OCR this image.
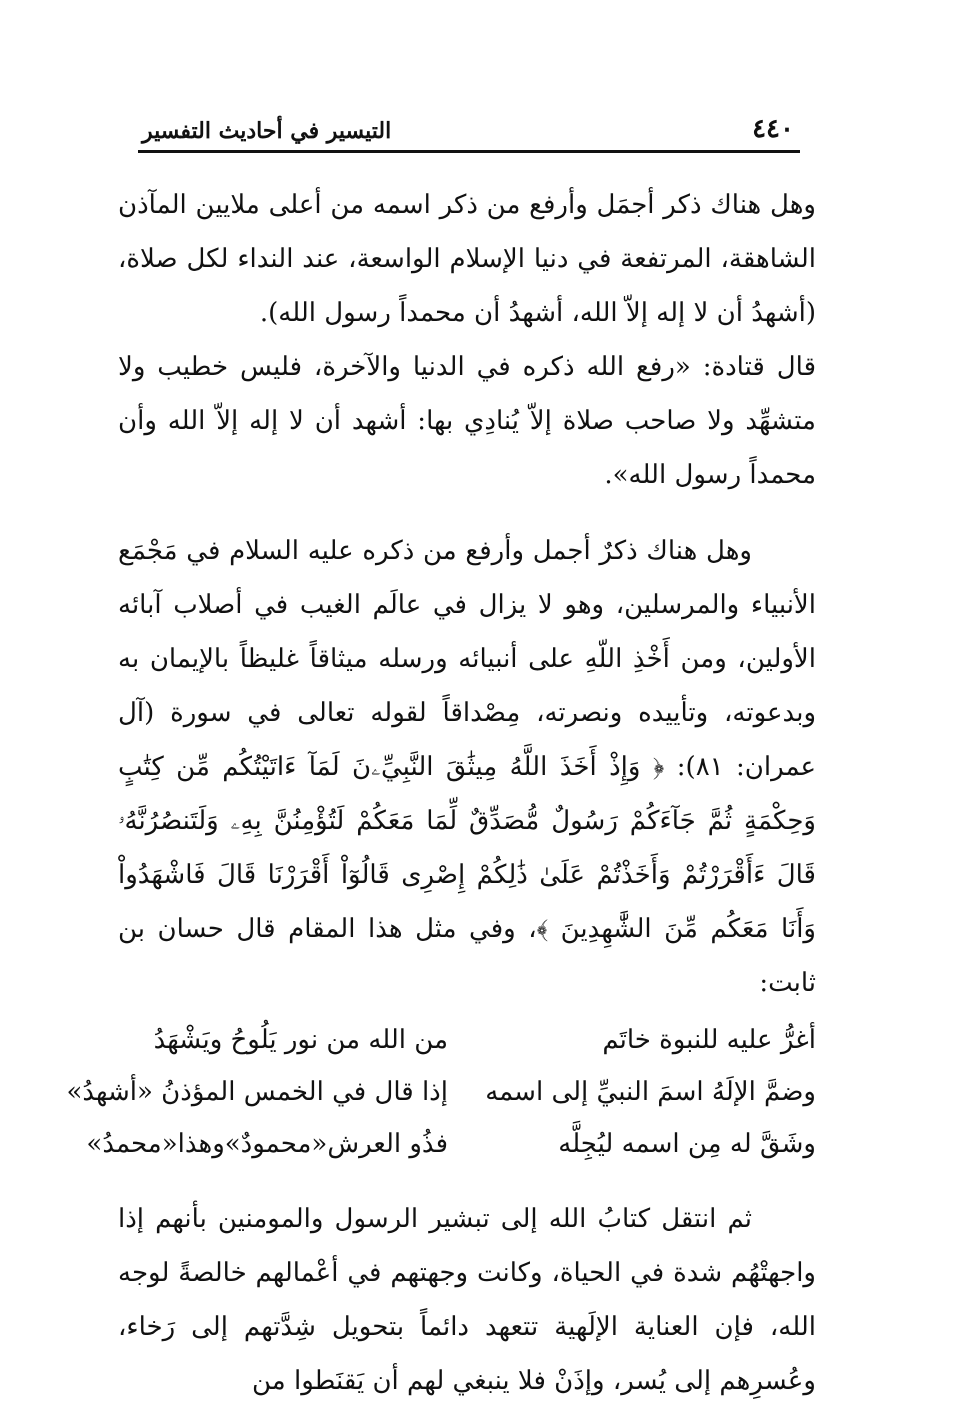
٤٤٠
التيسير في أحاديث التفسير

وهل هناك ذكر أجمَل وأرفع من ذكر اسمه من أعلى ملايين المآذن الشاهقة، المرتفعة في دنيا الإسلام الواسعة، عند النداء لكل صلاة، (أشهدُ أن لا إله إلاّ الله، أشهدُ أن محمداً رسول الله).

قال قتادة: «رفع الله ذكره في الدنيا والآخرة، فليس خطيب ولا متشهِّد ولا صاحب صلاة إلاّ يُنادِي بها: أشهد أن لا إله إلاّ الله وأن محمداً رسول الله».

وهل هناك ذكرٌ أجمل وأرفع من ذكره عليه السلام في مَجْمَع الأنبياء والمرسلين، وهو لا يزال في عالَم الغيب في أصلاب آبائه الأولين، ومن أَخْذِ اللّهِ على أنبيائه ورسله ميثاقاً غليظاً بالإيمان به وبدعوته، وتأييده ونصرته، مِصْداقاً لقوله تعالى في سورة (آل عمران: ٨١): ﴿ وَإِذْ أَخَذَ اللَّهُ مِيثَٰقَ النَّبِيِّۦنَ لَمَآ ءَاتَيْتُكُم مِّن كِتَٰبٍ وَحِكْمَةٍ ثُمَّ جَآءَكُمْ رَسُولٌ مُّصَدِّقٌ لِّمَا مَعَكُمْ لَتُؤْمِنُنَّ بِهِۦ وَلَتَنصُرُنَّهُۥ قَالَ ءَأَقْرَرْتُمْ وَأَخَذْتُمْ عَلَىٰ ذَٰلِكُمْ إِصْرِى قَالُوٓاْ أَقْرَرْنَا قَالَ فَاشْهَدُواْ وَأَنَا مَعَكُم مِّنَ الشَّٰهِدِينَ ﴾، وفي مثل هذا المقام قال حسان بن ثابت:

أغرُّ عليه للنبوة خاتَم
من الله من نور يَلُوحُ ويَشْهَدُ
وضمَّ الإلَهُ اسمَ النبيِّ إلى اسمه
إذا قال في الخمس المؤذنُ «أشهدُ»
وشَقَّ له مِن اسمه ليُجِلَّه
فذُو العرش«محمودٌ»وهذا«محمدُ»

ثم انتقل كتابُ الله إلى تبشير الرسول والمومنين بأنهم إذا واجهتْهُم شدة في الحياة، وكانت وجهتهم في أعْمالهم خالصةً لوجه الله، فإن العناية الإلَهية تتعهد دائماً بتحويل شِدَّتهم إلى رَخاء، وعُسرِهم إلى يُسر، وإذَنْ فلا ينبغي لهم أن يَقنَطوا من
